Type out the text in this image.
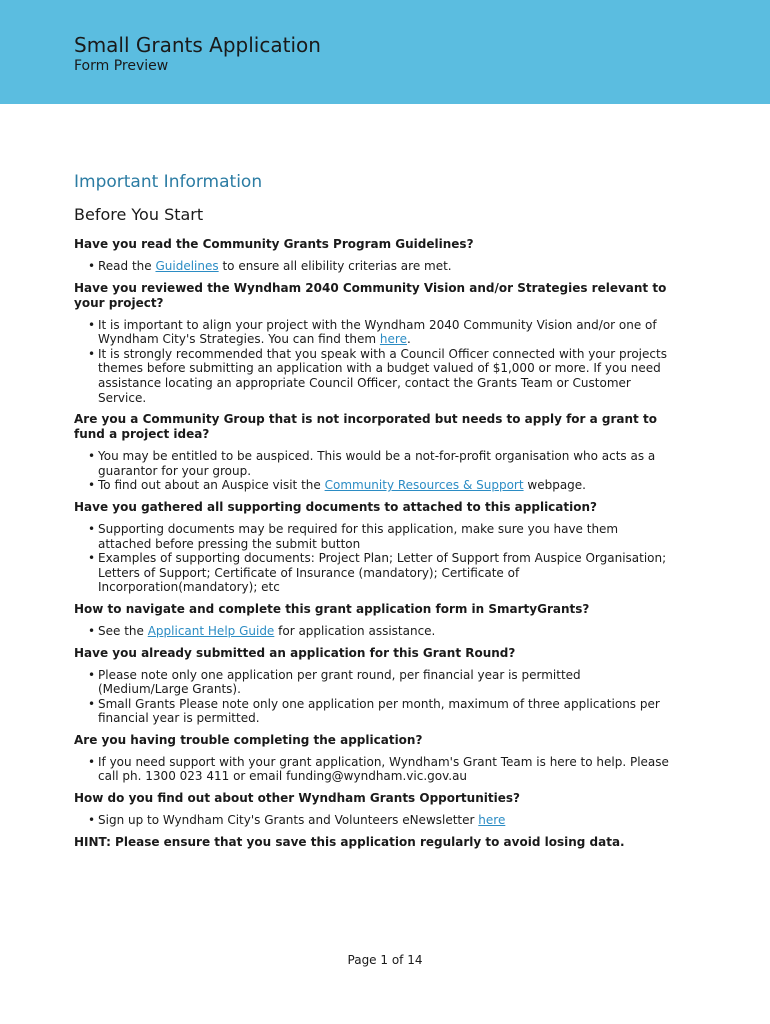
Small Grants Application
Form Preview
Important Information
Before You Start
Have you read the Community Grants Program Guidelines?
• Read the Guidelines to ensure all elibility criterias are met.
Have you reviewed the Wyndham 2040 Community Vision and/or Strategies relevant to your project?
• It is important to align your project with the Wyndham 2040 Community Vision and/or one of Wyndham City's Strategies. You can find them here.
• It is strongly recommended that you speak with a Council Officer connected with your projects themes before submitting an application with a budget valued of $1,000 or more. If you need assistance locating an appropriate Council Officer, contact the Grants Team or Customer Service.
Are you a Community Group that is not incorporated but needs to apply for a grant to fund a project idea?
• You may be entitled to be auspiced. This would be a not-for-profit organisation who acts as a guarantor for your group.
• To find out about an Auspice visit the Community Resources & Support webpage.
Have you gathered all supporting documents to attached to this application?
• Supporting documents may be required for this application, make sure you have them attached before pressing the submit button
• Examples of supporting documents: Project Plan; Letter of Support from Auspice Organisation; Letters of Support; Certificate of Insurance (mandatory); Certificate of Incorporation(mandatory); etc
How to navigate and complete this grant application form in SmartyGrants?
• See the Applicant Help Guide for application assistance.
Have you already submitted an application for this Grant Round?
• Please note only one application per grant round, per financial year is permitted (Medium/Large Grants).
• Small Grants Please note only one application per month, maximum of three applications per financial year is permitted.
Are you having trouble completing the application?
• If you need support with your grant application, Wyndham's Grant Team is here to help. Please call ph. 1300 023 411 or email funding@wyndham.vic.gov.au
How do you find out about other Wyndham Grants Opportunities?
• Sign up to Wyndham City's Grants and Volunteers eNewsletter here
HINT: Please ensure that you save this application regularly to avoid losing data.
Page 1 of 14
